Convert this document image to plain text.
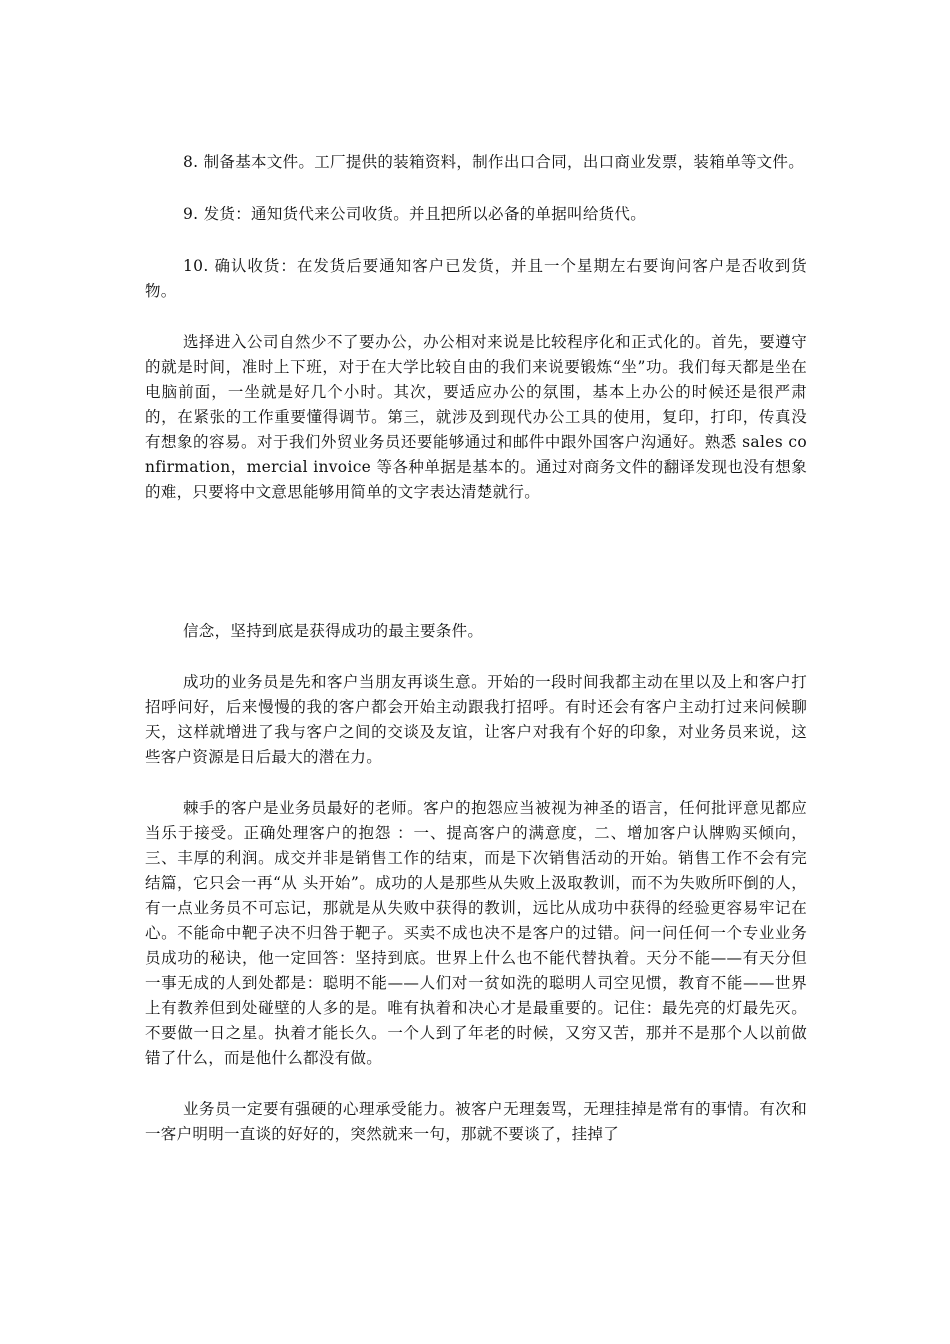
8. 制备基本文件。工厂提供的装箱资料，制作出口合同，出口商业发票，装箱单等文件。

9. 发货：通知货代来公司收货。并且把所以必备的单据叫给货代。

10. 确认收货：在发货后要通知客户已发货，并且一个星期左右要询问客户是否收到货物。

选择进入公司自然少不了要办公，办公相对来说是比较程序化和正式化的。首先，要遵守的就是时间，准时上下班，对于在大学比较自由的我们来说要锻炼“坐”功。我们每天都是坐在电脑前面，一坐就是好几个小时。其次，要适应办公的氛围，基本上办公的时候还是很严肃的，在紧张的工作重要懂得调节。第三，就涉及到现代办公工具的使用，复印，打印，传真没有想象的容易。对于我们外贸业务员还要能够通过和邮件中跟外国客户沟通好。熟悉 sales confirmation，mercial invoice 等各种单据是基本的。通过对商务文件的翻译发现也没有想象的难，只要将中文意思能够用简单的文字表达清楚就行。

信念，坚持到底是获得成功的最主要条件。

成功的业务员是先和客户当朋友再谈生意。开始的一段时间我都主动在里以及上和客户打招呼问好，后来慢慢的我的客户都会开始主动跟我打招呼。有时还会有客户主动打过来问候聊天，这样就增进了我与客户之间的交谈及友谊，让客户对我有个好的印象，对业务员来说，这些客户资源是日后最大的潜在力。

棘手的客户是业务员最好的老师。客户的抱怨应当被视为神圣的语言，任何批评意见都应当乐于接受。正确处理客户的抱怨 ：一、提高客户的满意度，二、增加客户认牌购买倾向，三、丰厚的利润。成交并非是销售工作的结束，而是下次销售活动的开始。销售工作不会有完结篇，它只会一再“从 头开始”。成功的人是那些从失败上汲取教训，而不为失败所吓倒的人，有一点业务员不可忘记，那就是从失败中获得的教训，远比从成功中获得的经验更容易牢记在心。不能命中靶子决不归咎于靶子。买卖不成也决不是客户的过错。问一问任何一个专业业务员成功的秘诀，他一定回答：坚持到底。世界上什么也不能代替执着。天分不能——有天分但一事无成的人到处都是：聪明不能——人们对一贫如洗的聪明人司空见惯，教育不能——世界上有教养但到处碰壁的人多的是。唯有执着和决心才是最重要的。记住：最先亮的灯最先灭。不要做一日之星。执着才能长久。一个人到了年老的时候，又穷又苦，那并不是那个人以前做错了什么，而是他什么都没有做。

业务员一定要有强硬的心理承受能力。被客户无理轰骂，无理挂掉是常有的事情。有次和一客户明明一直谈的好好的，突然就来一句，那就不要谈了，挂掉了
